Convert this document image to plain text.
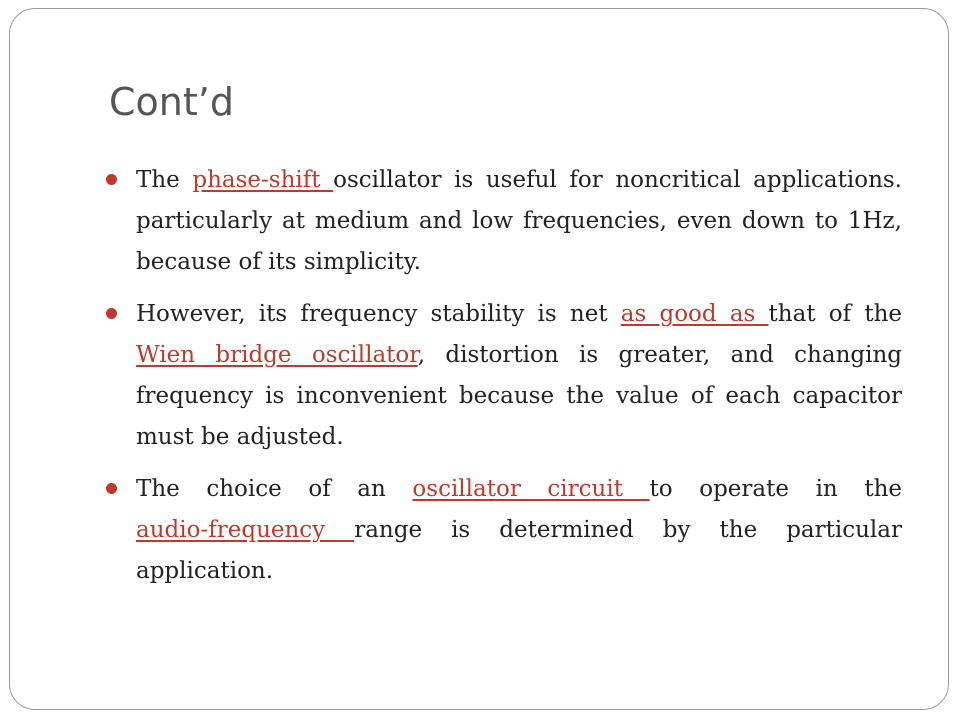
Cont’d
The phase-shift oscillator is useful for noncritical applications. particularly at medium and low frequencies, even down to 1Hz, because of its simplicity.
However, its frequency stability is net as good as that of the Wien bridge oscillator, distortion is greater, and changing frequency is inconvenient because the value of each capacitor must be adjusted.
The choice of an oscillator circuit to operate in the audio-frequency range is determined by the particular application.
